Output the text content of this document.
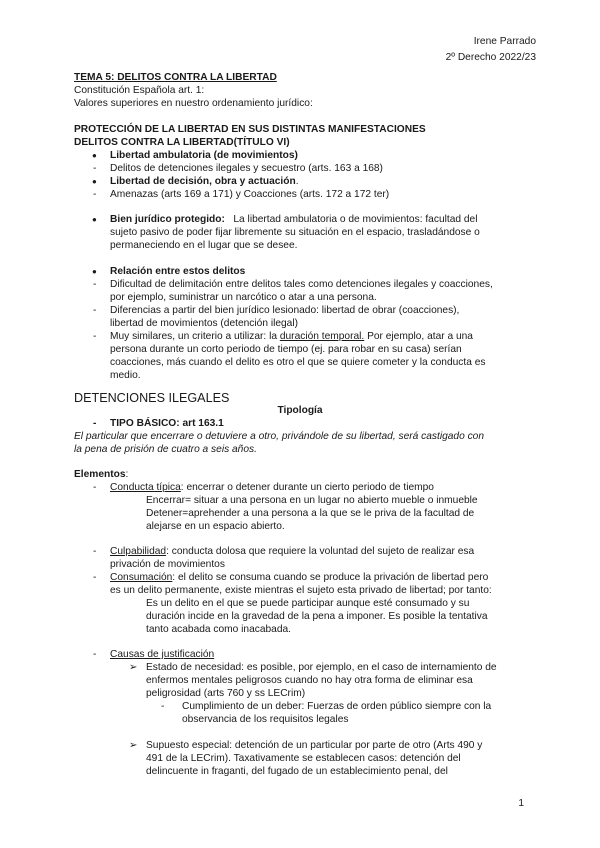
Irene Parrado
2º Derecho 2022/23
TEMA 5: DELITOS CONTRA LA LIBERTAD
Constitución Española art. 1:
Valores superiores en nuestro ordenamiento jurídico:
PROTECCIÓN DE LA LIBERTAD EN SUS DISTINTAS MANIFESTACIONES
DELITOS CONTRA LA LIBERTAD(TÍTULO VI)
● Libertad ambulatoria (de movimientos)
- Delitos de detenciones ilegales y secuestro (arts. 163 a 168)
● Libertad de decisión, obra y actuación.
- Amenazas (arts 169 a 171) y Coacciones (arts. 172 a 172 ter)
● Bien jurídico protegido: La libertad ambulatoria o de movimientos: facultad del
sujeto pasivo de poder fijar libremente su situación en el espacio, trasladándose o
permaneciendo en el lugar que se desee.
● Relación entre estos delitos
- Dificultad de delimitación entre delitos tales como detenciones ilegales y coacciones,
por ejemplo, suministrar un narcótico o atar a una persona.
- Diferencias a partir del bien jurídico lesionado: libertad de obrar (coacciones),
libertad de movimientos (detención ilegal)
- Muy similares, un criterio a utilizar: la duración temporal. Por ejemplo, atar a una
persona durante un corto periodo de tiempo (ej. para robar en su casa) serían
coacciones, más cuando el delito es otro el que se quiere cometer y la conducta es
medio.
DETENCIONES ILEGALES
Tipología
- TIPO BÁSICO: art 163.1
El particular que encerrare o detuviere a otro, privándole de su libertad, será castigado con
la pena de prisión de cuatro a seis años.
Elementos:
- Conducta típica: encerrar o detener durante un cierto periodo de tiempo
Encerrar= situar a una persona en un lugar no abierto mueble o inmueble
Detener=aprehender a una persona a la que se le priva de la facultad de
alejarse en un espacio abierto.
- Culpabilidad: conducta dolosa que requiere la voluntad del sujeto de realizar esa
privación de movimientos
- Consumación: el delito se consuma cuando se produce la privación de libertad pero
es un delito permanente, existe mientras el sujeto esta privado de libertad; por tanto:
Es un delito en el que se puede participar aunque esté consumado y su
duración incide en la gravedad de la pena a imponer. Es posible la tentativa
tanto acabada como inacabada.
- Causas de justificación
➢ Estado de necesidad: es posible, por ejemplo, en el caso de internamiento de
enfermos mentales peligrosos cuando no hay otra forma de eliminar esa
peligrosidad (arts 760 y ss LECrim)
- Cumplimiento de un deber: Fuerzas de orden público siempre con la
observancia de los requisitos legales
➢ Supuesto especial: detención de un particular por parte de otro (Arts 490 y
491 de la LECrim). Taxativamente se establecen casos: detención del
delincuente in fraganti, del fugado de un establecimiento penal, del
1
